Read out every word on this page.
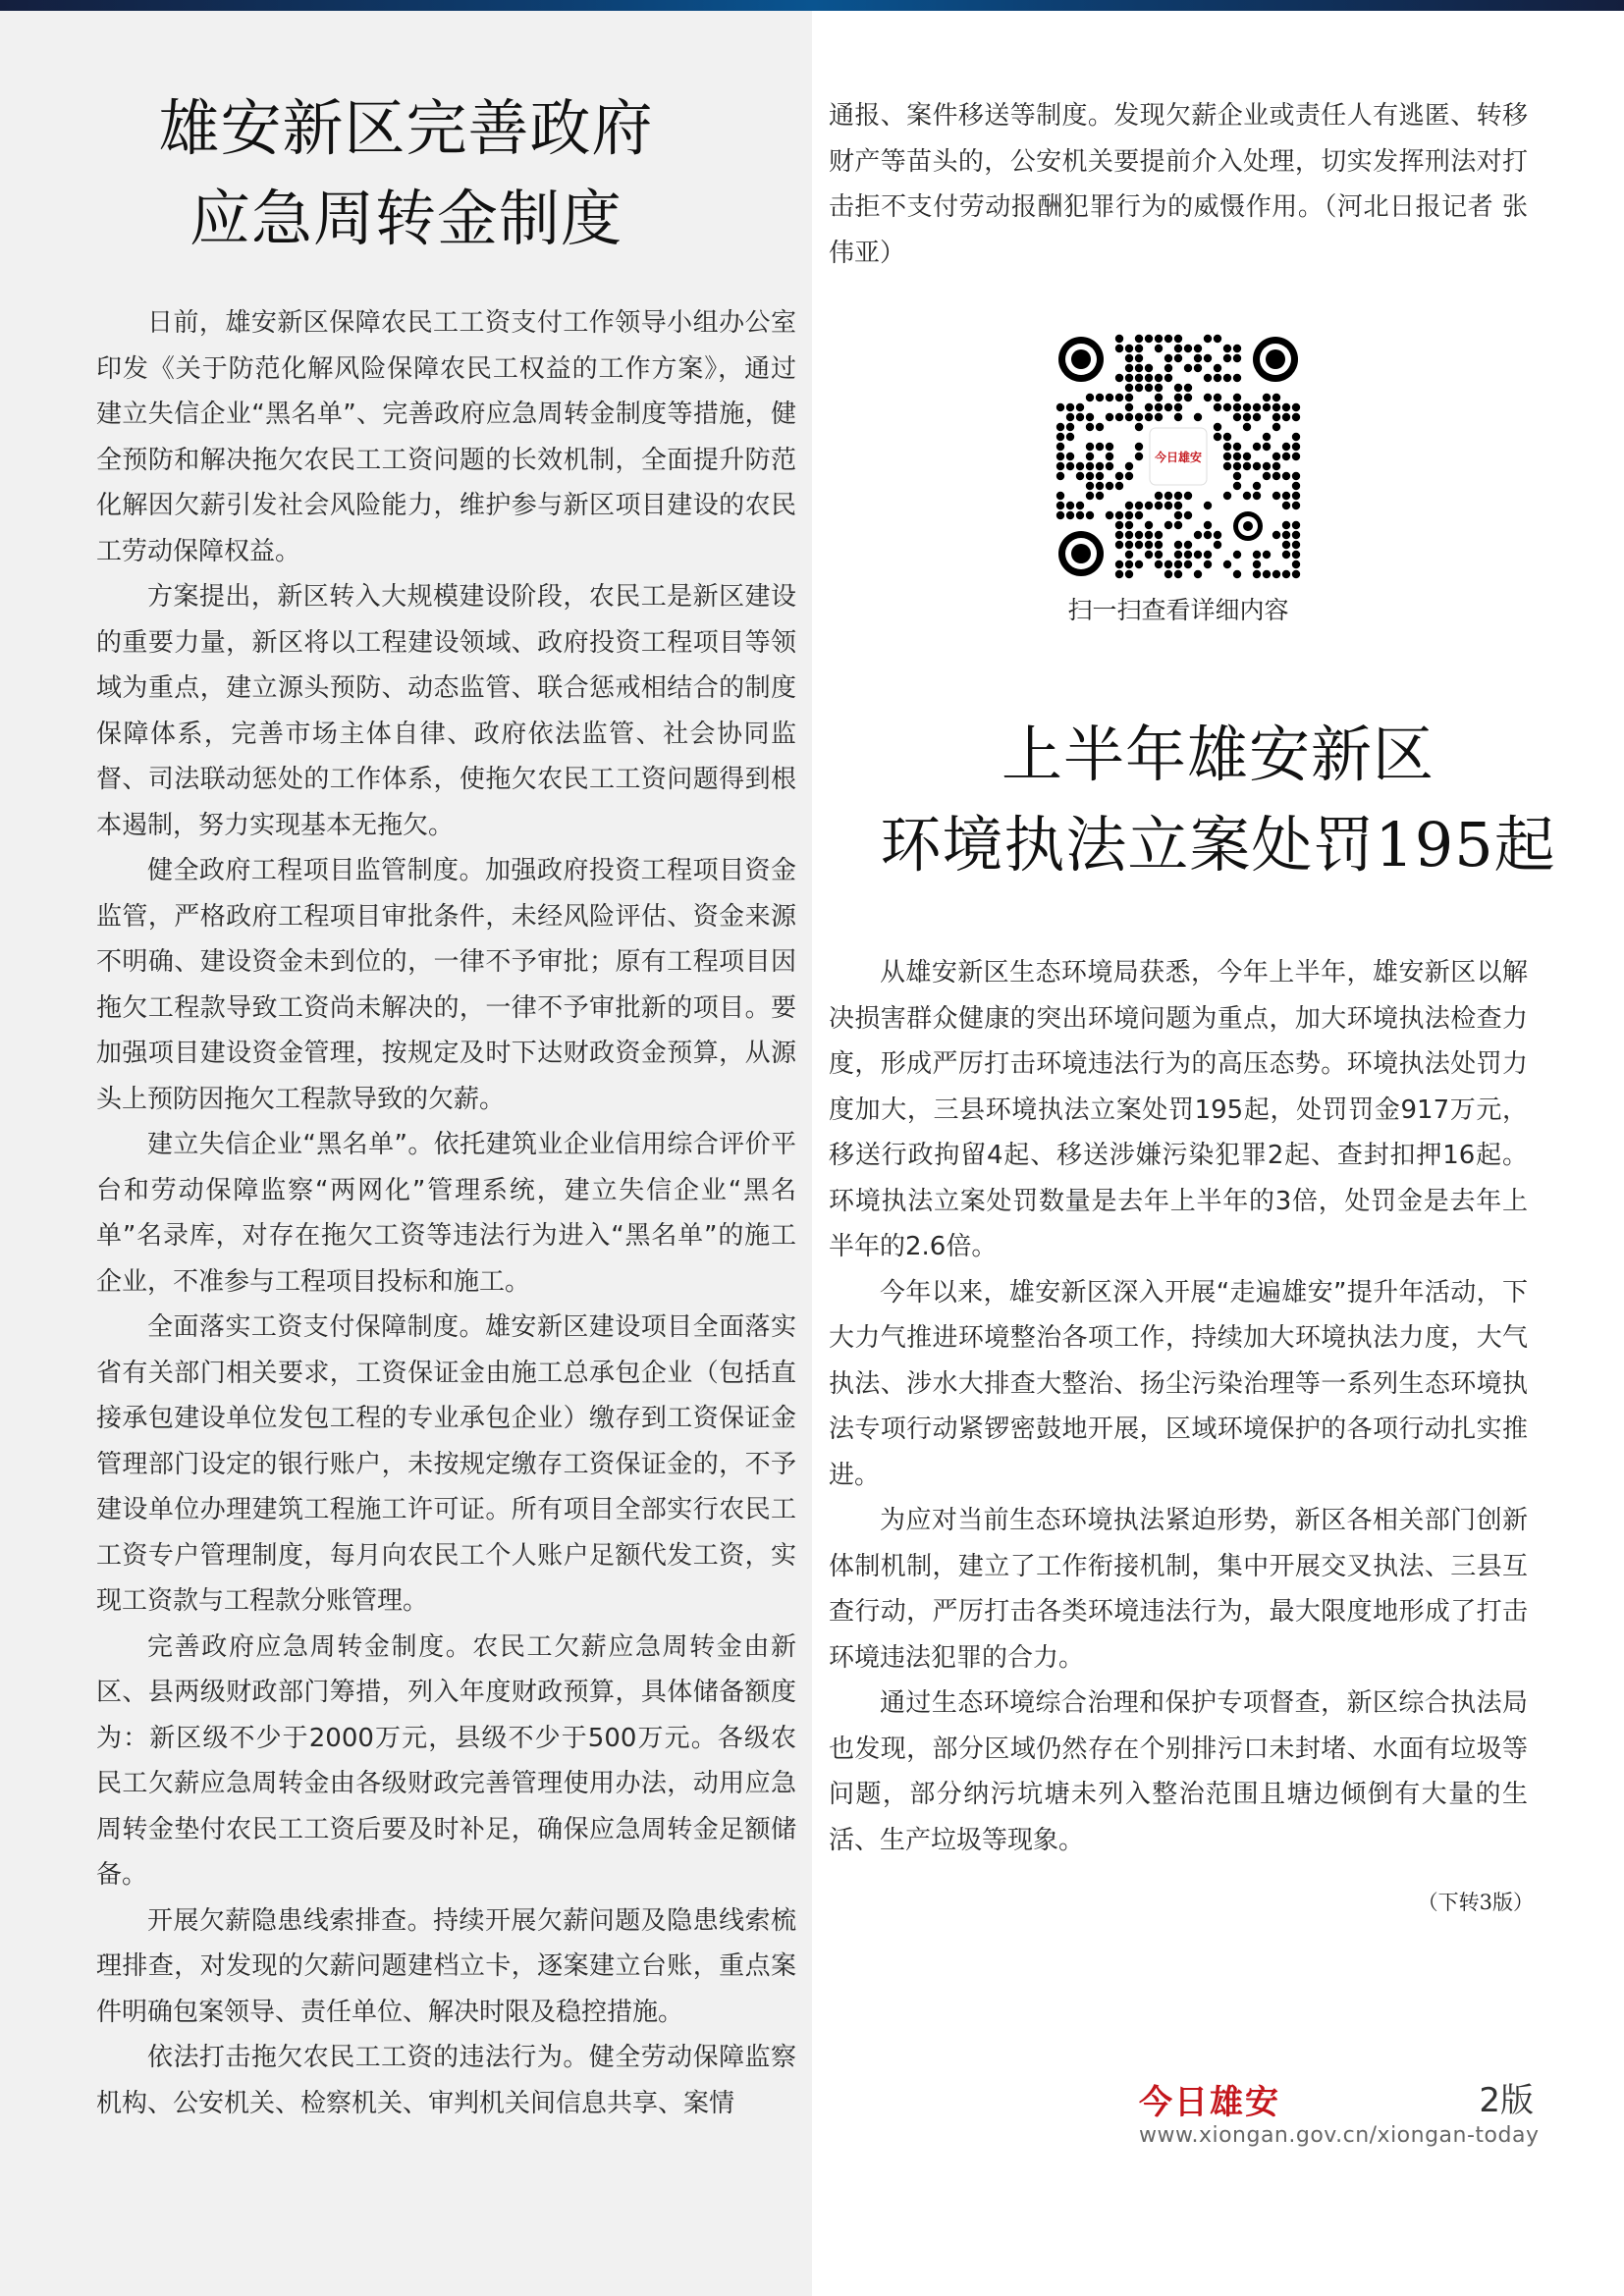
雄安新区完善政府
应急周转金制度

日前，雄安新区保障农民工工资支付工作领导小组办公室印发《关于防范化解风险保障农民工权益的工作方案》，通过建立失信企业“黑名单”、完善政府应急周转金制度等措施，健全预防和解决拖欠农民工工资问题的长效机制，全面提升防范化解因欠薪引发社会风险能力，维护参与新区项目建设的农民工劳动保障权益。

方案提出，新区转入大规模建设阶段，农民工是新区建设的重要力量，新区将以工程建设领域、政府投资工程项目等领域为重点，建立源头预防、动态监管、联合惩戒相结合的制度保障体系，完善市场主体自律、政府依法监管、社会协同监督、司法联动惩处的工作体系，使拖欠农民工工资问题得到根本遏制，努力实现基本无拖欠。

健全政府工程项目监管制度。加强政府投资工程项目资金监管，严格政府工程项目审批条件，未经风险评估、资金来源不明确、建设资金未到位的，一律不予审批；原有工程项目因拖欠工程款导致工资尚未解决的，一律不予审批新的项目。要加强项目建设资金管理，按规定及时下达财政资金预算，从源头上预防因拖欠工程款导致的欠薪。

建立失信企业“黑名单”。依托建筑业企业信用综合评价平台和劳动保障监察“两网化”管理系统，建立失信企业“黑名单”名录库，对存在拖欠工资等违法行为进入“黑名单”的施工企业，不准参与工程项目投标和施工。

全面落实工资支付保障制度。雄安新区建设项目全面落实省有关部门相关要求，工资保证金由施工总承包企业（包括直接承包建设单位发包工程的专业承包企业）缴存到工资保证金管理部门设定的银行账户，未按规定缴存工资保证金的，不予建设单位办理建筑工程施工许可证。所有项目全部实行农民工工资专户管理制度，每月向农民工个人账户足额代发工资，实现工资款与工程款分账管理。

完善政府应急周转金制度。农民工欠薪应急周转金由新区、县两级财政部门筹措，列入年度财政预算，具体储备额度为：新区级不少于2000万元，县级不少于500万元。各级农民工欠薪应急周转金由各级财政完善管理使用办法，动用应急周转金垫付农民工工资后要及时补足，确保应急周转金足额储备。

开展欠薪隐患线索排查。持续开展欠薪问题及隐患线索梳理排查，对发现的欠薪问题建档立卡，逐案建立台账，重点案件明确包案领导、责任单位、解决时限及稳控措施。

依法打击拖欠农民工工资的违法行为。健全劳动保障监察机构、公安机关、检察机关、审判机关间信息共享、案情

通报、案件移送等制度。发现欠薪企业或责任人有逃匿、转移财产等苗头的，公安机关要提前介入处理，切实发挥刑法对打击拒不支付劳动报酬犯罪行为的威慑作用。（河北日报记者 张伟亚）

今日雄安
扫一扫查看详细内容
上半年雄安新区
环境执法立案处罚195起

从雄安新区生态环境局获悉，今年上半年，雄安新区以解决损害群众健康的突出环境问题为重点，加大环境执法检查力度，形成严厉打击环境违法行为的高压态势。环境执法处罚力度加大，三县环境执法立案处罚195起，处罚罚金917万元，移送行政拘留4起、移送涉嫌污染犯罪2起、查封扣押16起。环境执法立案处罚数量是去年上半年的3倍，处罚金是去年上半年的2.6倍。

今年以来，雄安新区深入开展“走遍雄安”提升年活动，下大力气推进环境整治各项工作，持续加大环境执法力度，大气执法、涉水大排查大整治、扬尘污染治理等一系列生态环境执法专项行动紧锣密鼓地开展，区域环境保护的各项行动扎实推进。

为应对当前生态环境执法紧迫形势，新区各相关部门创新体制机制，建立了工作衔接机制，集中开展交叉执法、三县互查行动，严厉打击各类环境违法行为，最大限度地形成了打击环境违法犯罪的合力。

通过生态环境综合治理和保护专项督查，新区综合执法局也发现，部分区域仍然存在个别排污口未封堵、水面有垃圾等问题，部分纳污坑塘未列入整治范围且塘边倾倒有大量的生活、生产垃圾等现象。

（下转3版）
今日雄安	2版
www.xiongan.gov.cn/xiongan-today
